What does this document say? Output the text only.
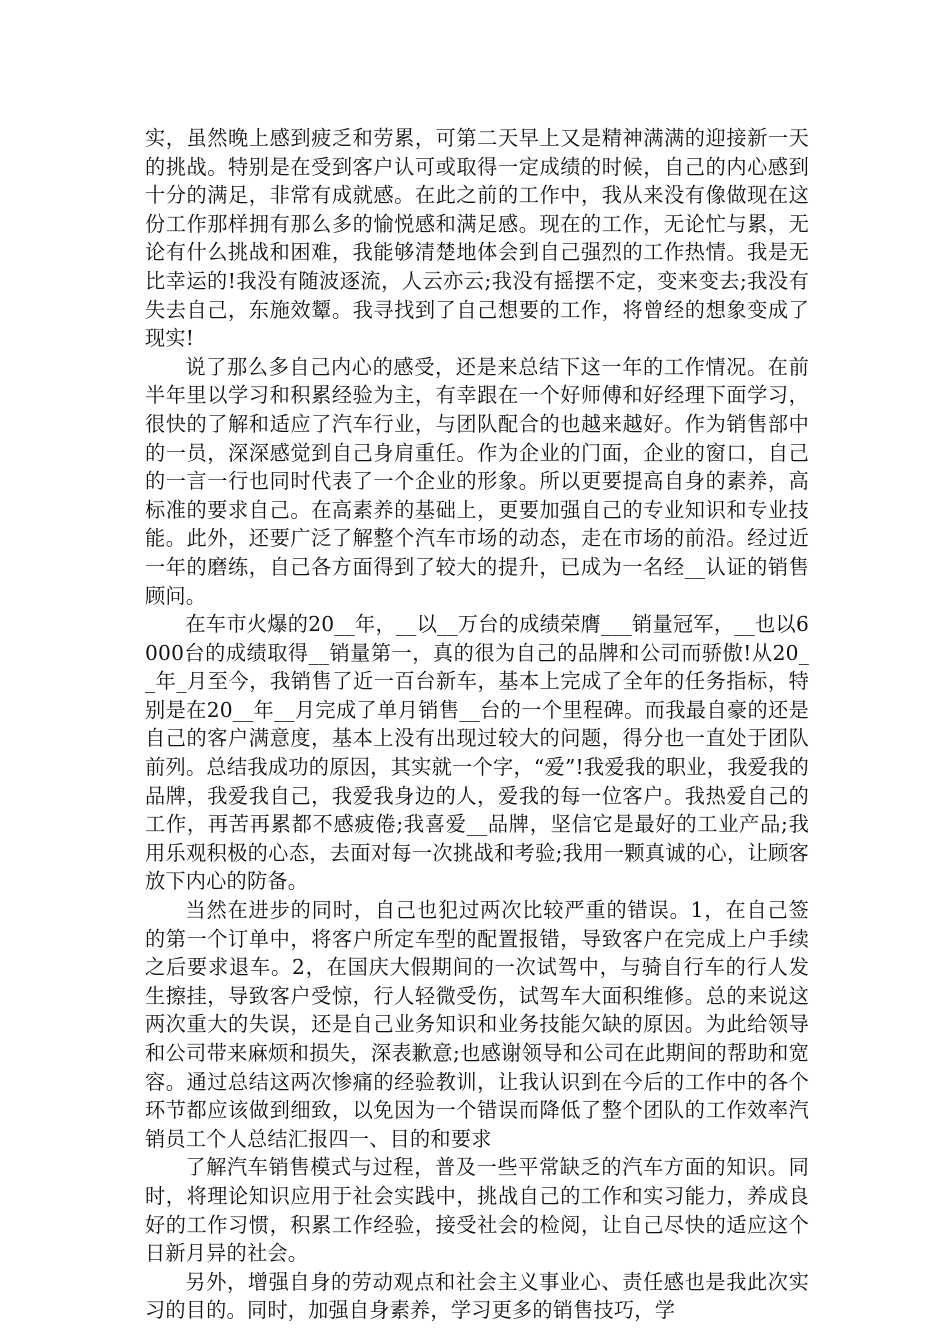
实，虽然晚上感到疲乏和劳累，可第二天早上又是精神满满的迎接新一天的挑战。特别是在受到客户认可或取得一定成绩的时候，自己的内心感到十分的满足，非常有成就感。在此之前的工作中，我从来没有像做现在这份工作那样拥有那么多的愉悦感和满足感。现在的工作，无论忙与累，无论有什么挑战和困难，我能够清楚地体会到自己强烈的工作热情。我是无比幸运的!我没有随波逐流，人云亦云;我没有摇摆不定，变来变去;我没有失去自己，东施效颦。我寻找到了自己想要的工作，将曾经的想象变成了现实!

说了那么多自己内心的感受，还是来总结下这一年的工作情况。在前半年里以学习和积累经验为主，有幸跟在一个好师傅和好经理下面学习，很快的了解和适应了汽车行业，与团队配合的也越来越好。作为销售部中的一员，深深感觉到自己身肩重任。作为企业的门面，企业的窗口，自己的一言一行也同时代表了一个企业的形象。所以更要提高自身的素养，高标准的要求自己。在高素养的基础上，更要加强自己的专业知识和专业技能。此外，还要广泛了解整个汽车市场的动态，走在市场的前沿。经过近一年的磨练，自己各方面得到了较大的提升，已成为一名经__认证的销售顾问。

在车市火爆的20__年，__以__万台的成绩荣膺___销量冠军，__也以6000台的成绩取得__销量第一，真的很为自己的品牌和公司而骄傲!从20__年_月至今，我销售了近一百台新车，基本上完成了全年的任务指标，特别是在20__年__月完成了单月销售__台的一个里程碑。而我最自豪的还是自己的客户满意度，基本上没有出现过较大的问题，得分也一直处于团队前列。总结我成功的原因，其实就一个字，“爱”!我爱我的职业，我爱我的品牌，我爱我自己，我爱我身边的人，爱我的每一位客户。我热爱自己的工作，再苦再累都不感疲倦;我喜爱__品牌，坚信它是最好的工业产品;我用乐观积极的心态，去面对每一次挑战和考验;我用一颗真诚的心，让顾客放下内心的防备。

当然在进步的同时，自己也犯过两次比较严重的错误。1，在自己签的第一个订单中，将客户所定车型的配置报错，导致客户在完成上户手续之后要求退车。2，在国庆大假期间的一次试驾中，与骑自行车的行人发生擦挂，导致客户受惊，行人轻微受伤，试驾车大面积维修。总的来说这两次重大的失误，还是自己业务知识和业务技能欠缺的原因。为此给领导和公司带来麻烦和损失，深表歉意;也感谢领导和公司在此期间的帮助和宽容。通过总结这两次惨痛的经验教训，让我认识到在今后的工作中的各个环节都应该做到细致，以免因为一个错误而降低了整个团队的工作效率汽销员工个人总结汇报四一、目的和要求

了解汽车销售模式与过程，普及一些平常缺乏的汽车方面的知识。同时，将理论知识应用于社会实践中，挑战自己的工作和实习能力，养成良好的工作习惯，积累工作经验，接受社会的检阅，让自己尽快的适应这个日新月异的社会。

另外，增强自身的劳动观点和社会主义事业心、责任感也是我此次实习的目的。同时，加强自身素养，学习更多的销售技巧，学
